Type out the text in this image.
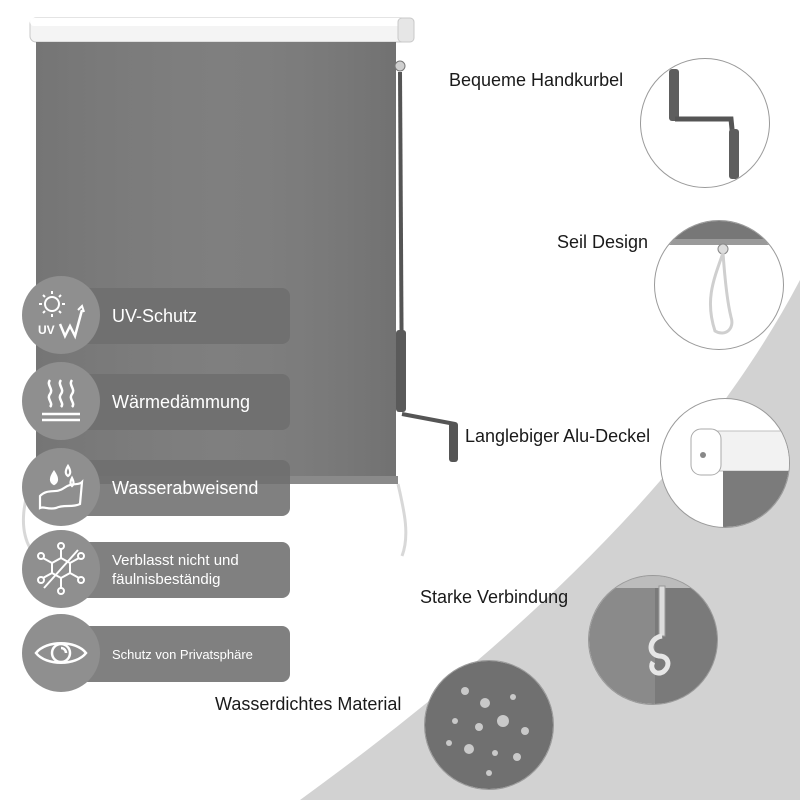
UV
UV-Schutz
Wärmedämmung
Wasserabweisend
Verblasst nicht und fäulnisbeständig
Schutz von Privatsphäre
Bequeme Handkurbel
Seil Design
Langlebiger Alu-Deckel
Starke Verbindung
Wasserdichtes Material
